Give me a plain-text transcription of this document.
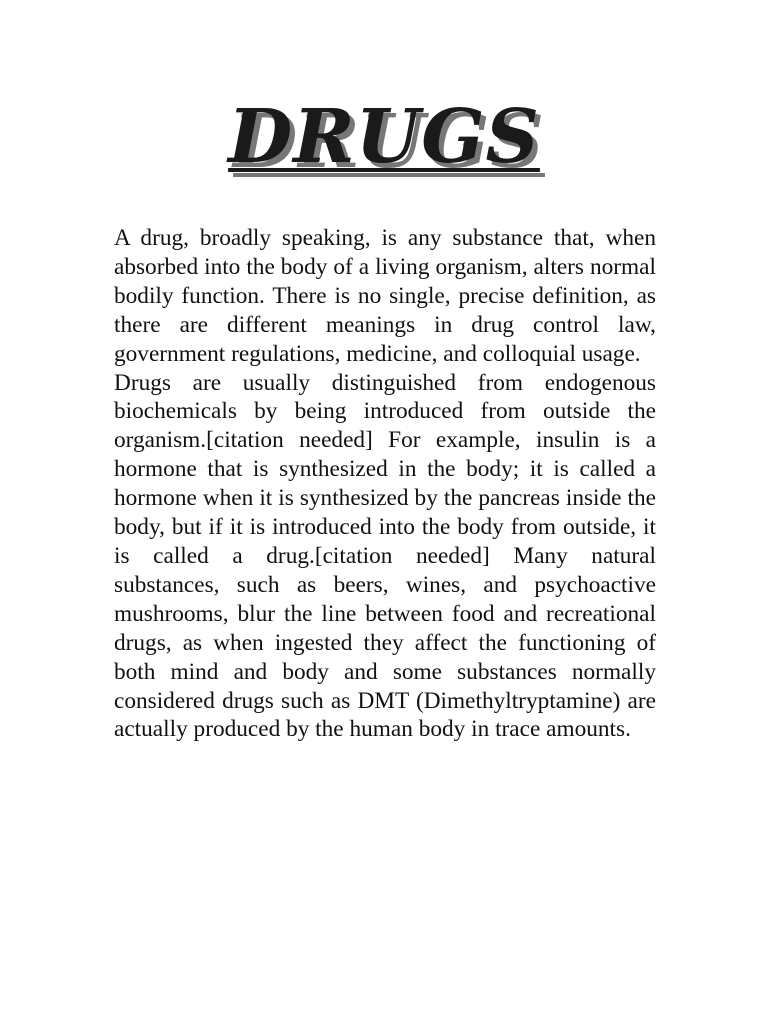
DRUGS

A drug, broadly speaking, is any substance that, when absorbed into the body of a living organism, alters normal bodily function. There is no single, precise definition, as there are different meanings in drug control law, government regulations, medicine, and colloquial usage.

Drugs are usually distinguished from endogenous biochemicals by being introduced from outside the organism.[citation needed] For example, insulin is a hormone that is synthesized in the body; it is called a hormone when it is synthesized by the pancreas inside the body, but if it is introduced into the body from outside, it is called a drug.[citation needed] Many natural substances, such as beers, wines, and psychoactive mushrooms, blur the line between food and recreational drugs, as when ingested they affect the functioning of both mind and body and some substances normally considered drugs such as DMT (Dimethyltryptamine) are actually produced by the human body in trace amounts.
